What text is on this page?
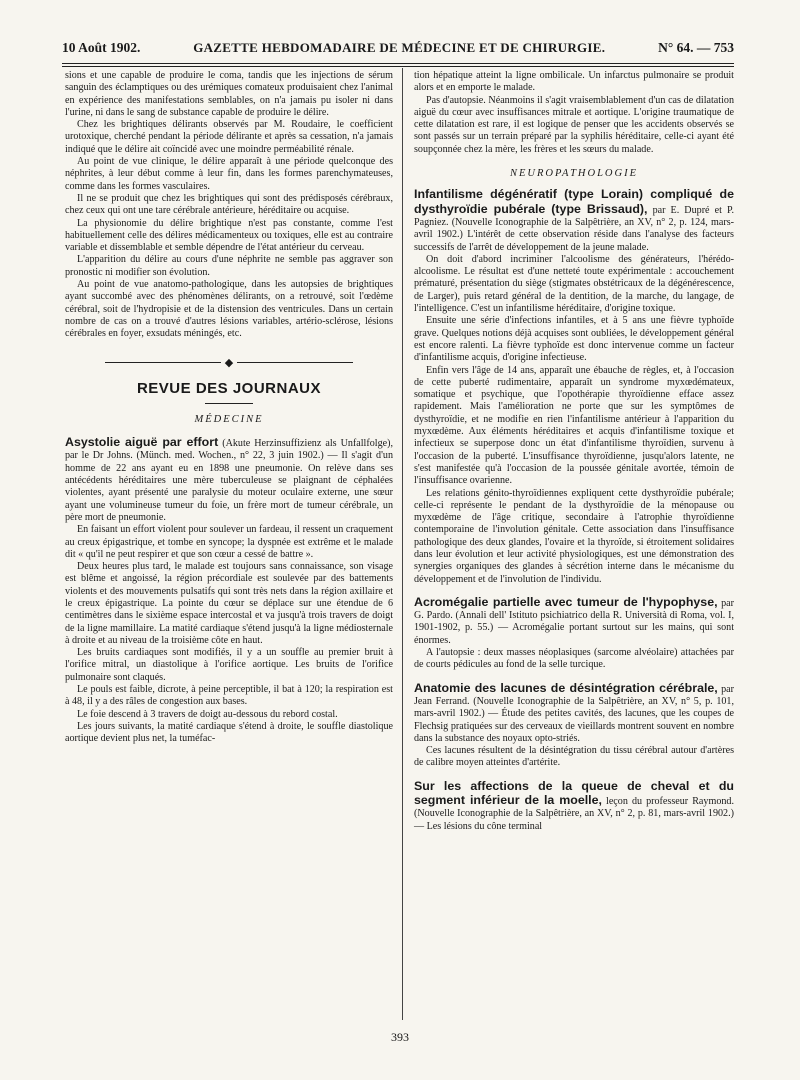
10 Août 1902.	GAZETTE HEBDOMADAIRE DE MÉDECINE ET DE CHIRURGIE.	N° 64. — 753

sions et une capable de produire le coma, tandis que les injections de sérum sanguin des éclamptiques ou des urémiques comateux produisaient chez l'animal en expérience des manifestations semblables, on n'a jamais pu isoler ni dans l'urine, ni dans le sang de substance capable de produire le délire.

Chez les brightiques délirants observés par M. Roudaire, le coefficient urotoxique, cherché pendant la période délirante et après sa cessation, n'a jamais indiqué que le délire ait coïncidé avec une moindre perméabilité rénale.

Au point de vue clinique, le délire apparaît à une période quelconque des néphrites, à leur début comme à leur fin, dans les formes parenchymateuses, comme dans les formes vasculaires.

Il ne se produit que chez les brightiques qui sont des prédisposés cérébraux, chez ceux qui ont une tare cérébrale antérieure, héréditaire ou acquise.

La physionomie du délire brightique n'est pas constante, comme l'est habituellement celle des délires médicamenteux ou toxiques, elle est au contraire variable et dissemblable et semble dépendre de l'état antérieur du cerveau.

L'apparition du délire au cours d'une néphrite ne semble pas aggraver son pronostic ni modifier son évolution.

Au point de vue anatomo-pathologique, dans les autopsies de brightiques ayant succombé avec des phénomènes délirants, on a retrouvé, soit l'œdème cérébral, soit de l'hydropisie et de la distension des ventricules. Dans un certain nombre de cas on a trouvé d'autres lésions variables, artério-sclérose, lésions cérébrales en foyer, exsudats méningés, etc.

◆
REVUE DES JOURNAUX
MÉDECINE

Asystolie aiguë par effort (Akute Herzinsuffizienz als Unfallfolge), par le Dr Johns. (Münch. med. Wochen., n° 22, 3 juin 1902.) — Il s'agit d'un homme de 22 ans ayant eu en 1898 une pneumonie. On relève dans ses antécédents héréditaires une mère tuberculeuse se plaignant de céphalées violentes, ayant présenté une paralysie du moteur oculaire externe, une sœur ayant une volumineuse tumeur du foie, un frère mort de tumeur cérébrale, un père mort de pneumonie.

En faisant un effort violent pour soulever un fardeau, il ressent un craquement au creux épigastrique, et tombe en syncope; la dyspnée est extrême et le malade dit « qu'il ne peut respirer et que son cœur a cessé de battre ».

Deux heures plus tard, le malade est toujours sans connaissance, son visage est blême et angoissé, la région précordiale est soulevée par des battements violents et des mouvements pulsatifs qui sont très nets dans la région axillaire et le creux épigastrique. La pointe du cœur se déplace sur une étendue de 6 centimètres dans le sixième espace intercostal et va jusqu'à trois travers de doigt de la ligne mamillaire. La matité cardiaque s'étend jusqu'à la ligne médiosternale à droite et au niveau de la troisième côte en haut.

Les bruits cardiaques sont modifiés, il y a un souffle au premier bruit à l'orifice mitral, un diastolique à l'orifice aortique. Les bruits de l'orifice pulmonaire sont claqués.

Le pouls est faible, dicrote, à peine perceptible, il bat à 120; la respiration est à 48, il y a des râles de congestion aux bases.

Le foie descend à 3 travers de doigt au-dessous du rebord costal.

Les jours suivants, la matité cardiaque s'étend à droite, le souffle diastolique aortique devient plus net, la tuméfac-

tion hépatique atteint la ligne ombilicale. Un infarctus pulmonaire se produit alors et en emporte le malade.

Pas d'autopsie. Néanmoins il s'agit vraisemblablement d'un cas de dilatation aiguë du cœur avec insuffisances mitrale et aortique. L'origine traumatique de cette dilatation est rare, il est logique de penser que les accidents observés se sont passés sur un terrain préparé par la syphilis héréditaire, celle-ci ayant été soupçonnée chez la mère, les frères et les sœurs du malade.

NEUROPATHOLOGIE

Infantilisme dégénératif (type Lorain) compliqué de dysthyroïdie pubérale (type Brissaud), par E. Dupré et P. Pagniez. (Nouvelle Iconographie de la Salpêtrière, an XV, n° 2, p. 124, mars-avril 1902.) L'intérêt de cette observation réside dans l'analyse des facteurs successifs de l'arrêt de développement de la jeune malade.

On doit d'abord incriminer l'alcoolisme des générateurs, l'hérédo-alcoolisme. Le résultat est d'une netteté toute expérimentale : accouchement prématuré, présentation du siège (stigmates obstétricaux de la dégénérescence, de Larger), puis retard général de la dentition, de la marche, du langage, de l'intelligence. C'est un infantilisme héréditaire, d'origine toxique.

Ensuite une série d'infections infantiles, et à 5 ans une fièvre typhoïde grave. Quelques notions déjà acquises sont oubliées, le développement général est encore ralenti. La fièvre typhoïde est donc intervenue comme un facteur d'infantilisme acquis, d'origine infectieuse.

Enfin vers l'âge de 14 ans, apparaît une ébauche de règles, et, à l'occasion de cette puberté rudimentaire, apparaît un syndrome myxœdémateux, somatique et psychique, que l'opothérapie thyroïdienne efface assez rapidement. Mais l'amélioration ne porte que sur les symptômes de dysthyroïdie, et ne modifie en rien l'infantilisme antérieur à l'apparition du myxœdème. Aux éléments héréditaires et acquis d'infantilisme toxique et infectieux se superpose donc un état d'infantilisme thyroïdien, survenu à l'occasion de la puberté. L'insuffisance thyroïdienne, jusqu'alors latente, ne s'est manifestée qu'à l'occasion de la poussée génitale avortée, témoin de l'insuffisance ovarienne.

Les relations génito-thyroïdiennes expliquent cette dysthyroïdie pubérale; celle-ci représente le pendant de la dysthyroïdie de la ménopause ou myxœdème de l'âge critique, secondaire à l'atrophie thyroïdienne contemporaine de l'involution génitale. Cette association dans l'insuffisance pathologique des deux glandes, l'ovaire et la thyroïde, si étroitement solidaires dans leur évolution et leur activité physiologiques, est une démonstration des synergies organiques des glandes à sécrétion interne dans le mécanisme du développement et de l'involution de l'individu.

Acromégalie partielle avec tumeur de l'hypophyse, par G. Pardo. (Annali dell' Istituto psichiatrico della R. Università di Roma, vol. I, 1901-1902, p. 55.) — Acromégalie portant surtout sur les mains, qui sont énormes.

A l'autopsie : deux masses néoplasiques (sarcome alvéolaire) attachées par de courts pédicules au fond de la selle turcique.

Anatomie des lacunes de désintégration cérébrale, par Jean Ferrand. (Nouvelle Iconographie de la Salpêtrière, an XV, n° 5, p. 101, mars-avril 1902.) — Étude des petites cavités, des lacunes, que les coupes de Flechsig pratiquées sur des cerveaux de vieillards montrent souvent en nombre dans la substance des noyaux opto-striés.

Ces lacunes résultent de la désintégration du tissu cérébral autour d'artères de calibre moyen atteintes d'artérite.

Sur les affections de la queue de cheval et du segment inférieur de la moelle, leçon du professeur Raymond. (Nouvelle Iconographie de la Salpêtrière, an XV, n° 2, p. 81, mars-avril 1902.) — Les lésions du cône terminal

393
